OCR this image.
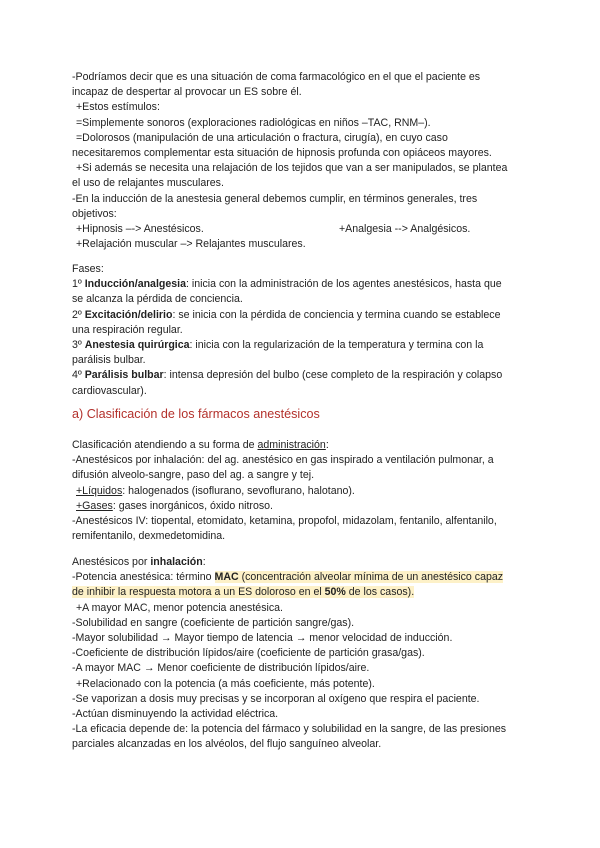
-Podríamos decir que es una situación de coma farmacológico en el que el paciente es
incapaz de despertar al provocar un ES sobre él.
+Estos estímulos:
=Simplemente sonoros (exploraciones radiológicas en niños –TAC, RNM–).
=Dolorosos (manipulación de una articulación o fractura, cirugía), en cuyo caso
necesitaremos complementar esta situación de hipnosis profunda con opiáceos mayores.
+Si además se necesita una relajación de los tejidos que van a ser manipulados, se plantea
el uso de relajantes musculares.
-En la inducción de la anestesia general debemos cumplir, en términos generales, tres
objetivos:
+Hipnosis –-> Anestésicos.	+Analgesia --> Analgésicos.
+Relajación muscular –> Relajantes musculares.
Fases:
1º Inducción/analgesia: inicia con la administración de los agentes anestésicos, hasta que
se alcanza la pérdida de conciencia.
2º Excitación/delirio: se inicia con la pérdida de conciencia y termina cuando se establece
una respiración regular.
3º Anestesia quirúrgica: inicia con la regularización de la temperatura y termina con la
parálisis bulbar.
4º Parálisis bulbar: intensa depresión del bulbo (cese completo de la respiración y colapso
cardiovascular).
a) Clasificación de los fármacos anestésicos
Clasificación atendiendo a su forma de administración:
-Anestésicos por inhalación: del ag. anestésico en gas inspirado a ventilación pulmonar, a
difusión alveolo-sangre, paso del ag. a sangre y tej.
+Líquidos: halogenados (isoflurano, sevoflurano, halotano).
+Gases: gases inorgánicos, óxido nitroso.
-Anestésicos IV: tiopental, etomidato, ketamina, propofol, midazolam, fentanilo, alfentanilo,
remifentanilo, dexmedetomidina.
Anestésicos por inhalación:
-Potencia anestésica: término MAC (concentración alveolar mínima de un anestésico capaz
de inhibir la respuesta motora a un ES doloroso en el 50% de los casos).
+A mayor MAC, menor potencia anestésica.
-Solubilidad en sangre (coeficiente de partición sangre/gas).
-Mayor solubilidad → Mayor tiempo de latencia → menor velocidad de inducción.
-Coeficiente de distribución lípidos/aire (coeficiente de partición grasa/gas).
-A mayor MAC → Menor coeficiente de distribución lípidos/aire.
+Relacionado con la potencia (a más coeficiente, más potente).
-Se vaporizan a dosis muy precisas y se incorporan al oxígeno que respira el paciente.
-Actúan disminuyendo la actividad eléctrica.
-La eficacia depende de: la potencia del fármaco y solubilidad en la sangre, de las presiones
parciales alcanzadas en los alvéolos, del flujo sanguíneo alveolar.
